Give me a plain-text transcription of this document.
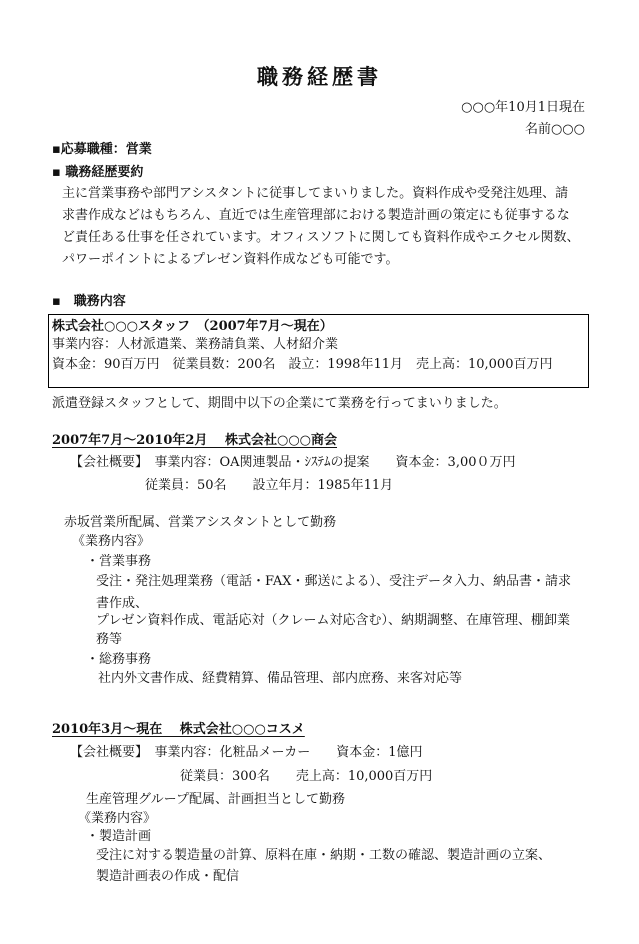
職務経歴書
○○○年10月1日現在
名前○○○
▪応募職種：営業
▪ 職務経歴要約
主に営業事務や部門アシスタントに従事してまいりました。資料作成や受発注処理、請
求書作成などはもちろん、直近では生産管理部における製造計画の策定にも従事するな
ど責任ある仕事を任されています。オフィスソフトに関しても資料作成やエクセル関数、
パワーポイントによるプレゼン資料作成なども可能です。
▪　職務内容
株式会社○○○スタッフ　（2007年7月～現在）
事業内容：人材派遣業、業務請負業、人材紹介業
資本金：90百万円　従業員数：200名　設立：1998年11月　売上高：10,000百万円
派遣登録スタッフとして、期間中以下の企業にて業務を行ってまいりました。
2007年7月～2010年2月　 株式会社○○○商会
【会社概要】　事業内容：OA関連製品・ｼｽﾃﾑの提案　　資本金：3,00０万円
従業員：50名　　設立年月：1985年11月
赤坂営業所配属、営業アシスタントとして勤務
《業務内容》
・営業事務
受注・発注処理業務（電話・FAX・郵送による）、受注データ入力、納品書・請求
書作成、
プレゼン資料作成、電話応対（クレーム対応含む）、納期調整、在庫管理、棚卸業
務等
・総務事務
社内外文書作成、経費精算、備品管理、部内庶務、来客対応等
2010年3月～現在　 株式会社○○○コスメ
【会社概要】　事業内容：化粧品メーカー　　資本金：1億円
従業員：300名　　売上高：10,000百万円
生産管理グループ配属、計画担当として勤務
《業務内容》
・製造計画
受注に対する製造量の計算、原料在庫・納期・工数の確認、製造計画の立案、
製造計画表の作成・配信
